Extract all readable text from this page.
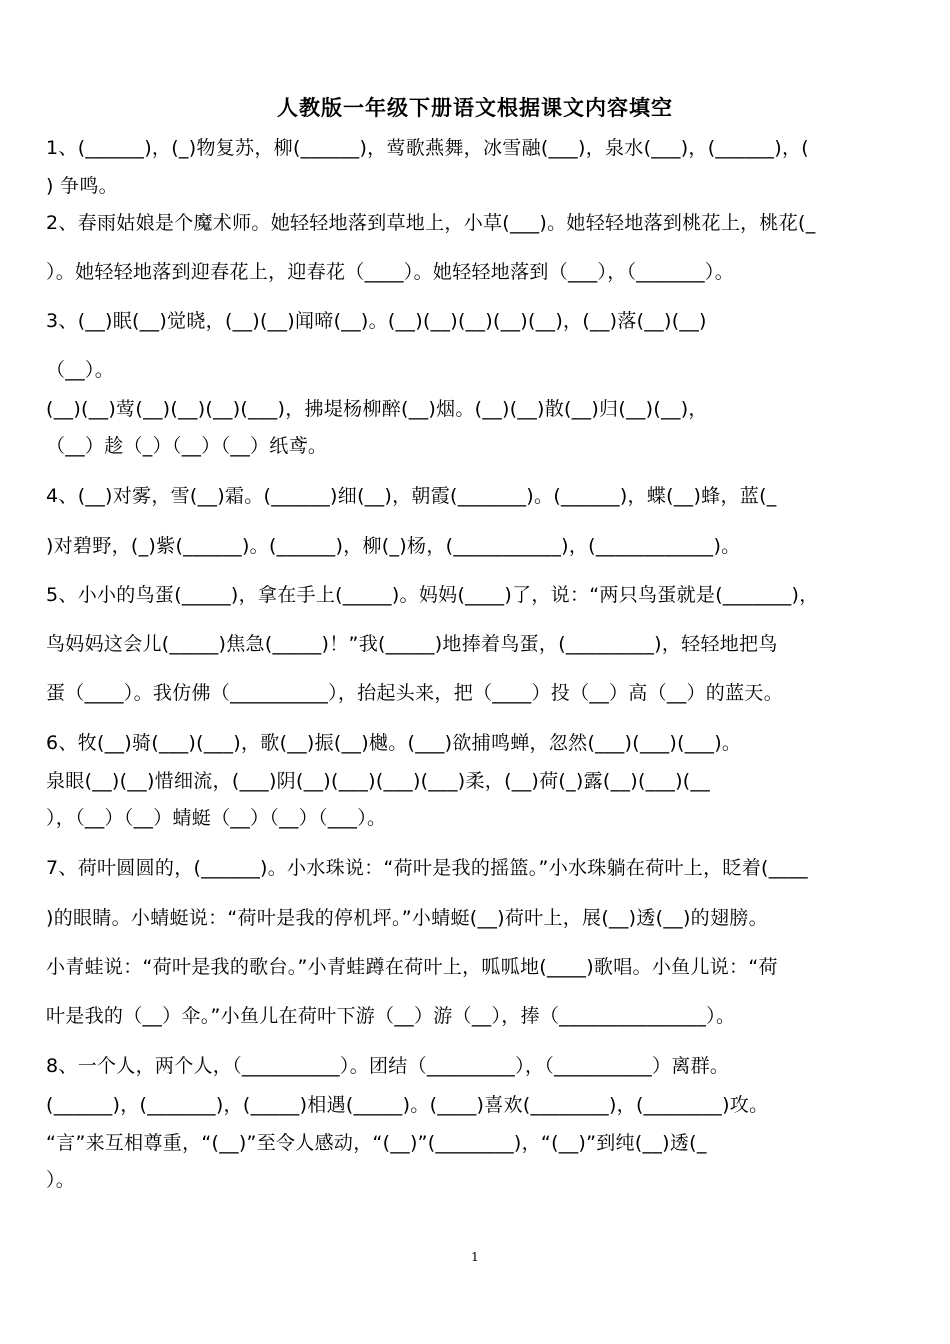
人教版一年级下册语文根据课文内容填空
1、(______)，(_)物复苏，柳(______)，莺歌燕舞，冰雪融(___)，泉水(___)，(______)，(
) 争鸣。
2、春雨姑娘是个魔术师。她轻轻地落到草地上，小草(___)。她轻轻地落到桃花上，桃花(_
）。她轻轻地落到迎春花上，迎春花（____）。她轻轻地落到（___），（_______）。
3、(__)眠(__)觉晓，(__)(__)闻啼(__)。(__)(__)(__)(__)(__)，(__)落(__)(__)
（__）。
(__)(__)莺(__)(__)(__)(___)，拂堤杨柳醉(__)烟。(__)(__)散(__)归(__)(__)，
（__）趁（_）（__）（__）纸鸢。
4、(__)对雾，雪(__)霜。(______)细(__)，朝霞(_______)。(______)，蝶(__)蜂，蓝(_
)对碧野，(_)紫(______)。(______)，柳(_)杨，(___________)，(____________)。
5、小小的鸟蛋(_____)，拿在手上(_____)。妈妈(____)了，说：“两只鸟蛋就是(_______)，
鸟妈妈这会儿(_____)焦急(_____)！”我(_____)地捧着鸟蛋，(_________)，轻轻地把鸟
蛋（____）。我仿佛（__________），抬起头来，把（____）投（__）高（__）的蓝天。
6、牧(__)骑(___)(___)，歌(__)振(__)樾。(___)欲捕鸣蝉，忽然(___)(___)(___)。
泉眼(__)(__)惜细流，(___)阴(__)(___)(___)(___)柔，(__)荷(_)露(__)(___)(__
），（__）（__）蜻蜓（__）（__）（___）。
7、荷叶圆圆的，(______)。小水珠说：“荷叶是我的摇篮。”小水珠躺在荷叶上，眨着(____
)的眼睛。小蜻蜓说：“荷叶是我的停机坪。”小蜻蜓(__)荷叶上，展(__)透(__)的翅膀。
小青蛙说：“荷叶是我的歌台。”小青蛙蹲在荷叶上，呱呱地(____)歌唱。小鱼儿说：“荷
叶是我的（__）伞。”小鱼儿在荷叶下游（__）游（__），捧（_______________）。
8、一个人，两个人，（__________）。团结（_________），（__________）离群。
(______)，(_______)，(_____)相遇(_____)。(____)喜欢(________)，(________)攻。
“言”来互相尊重，“(__)”至令人感动，“(__)”(________)，“(__)”到纯(__)透(_
）。
1
